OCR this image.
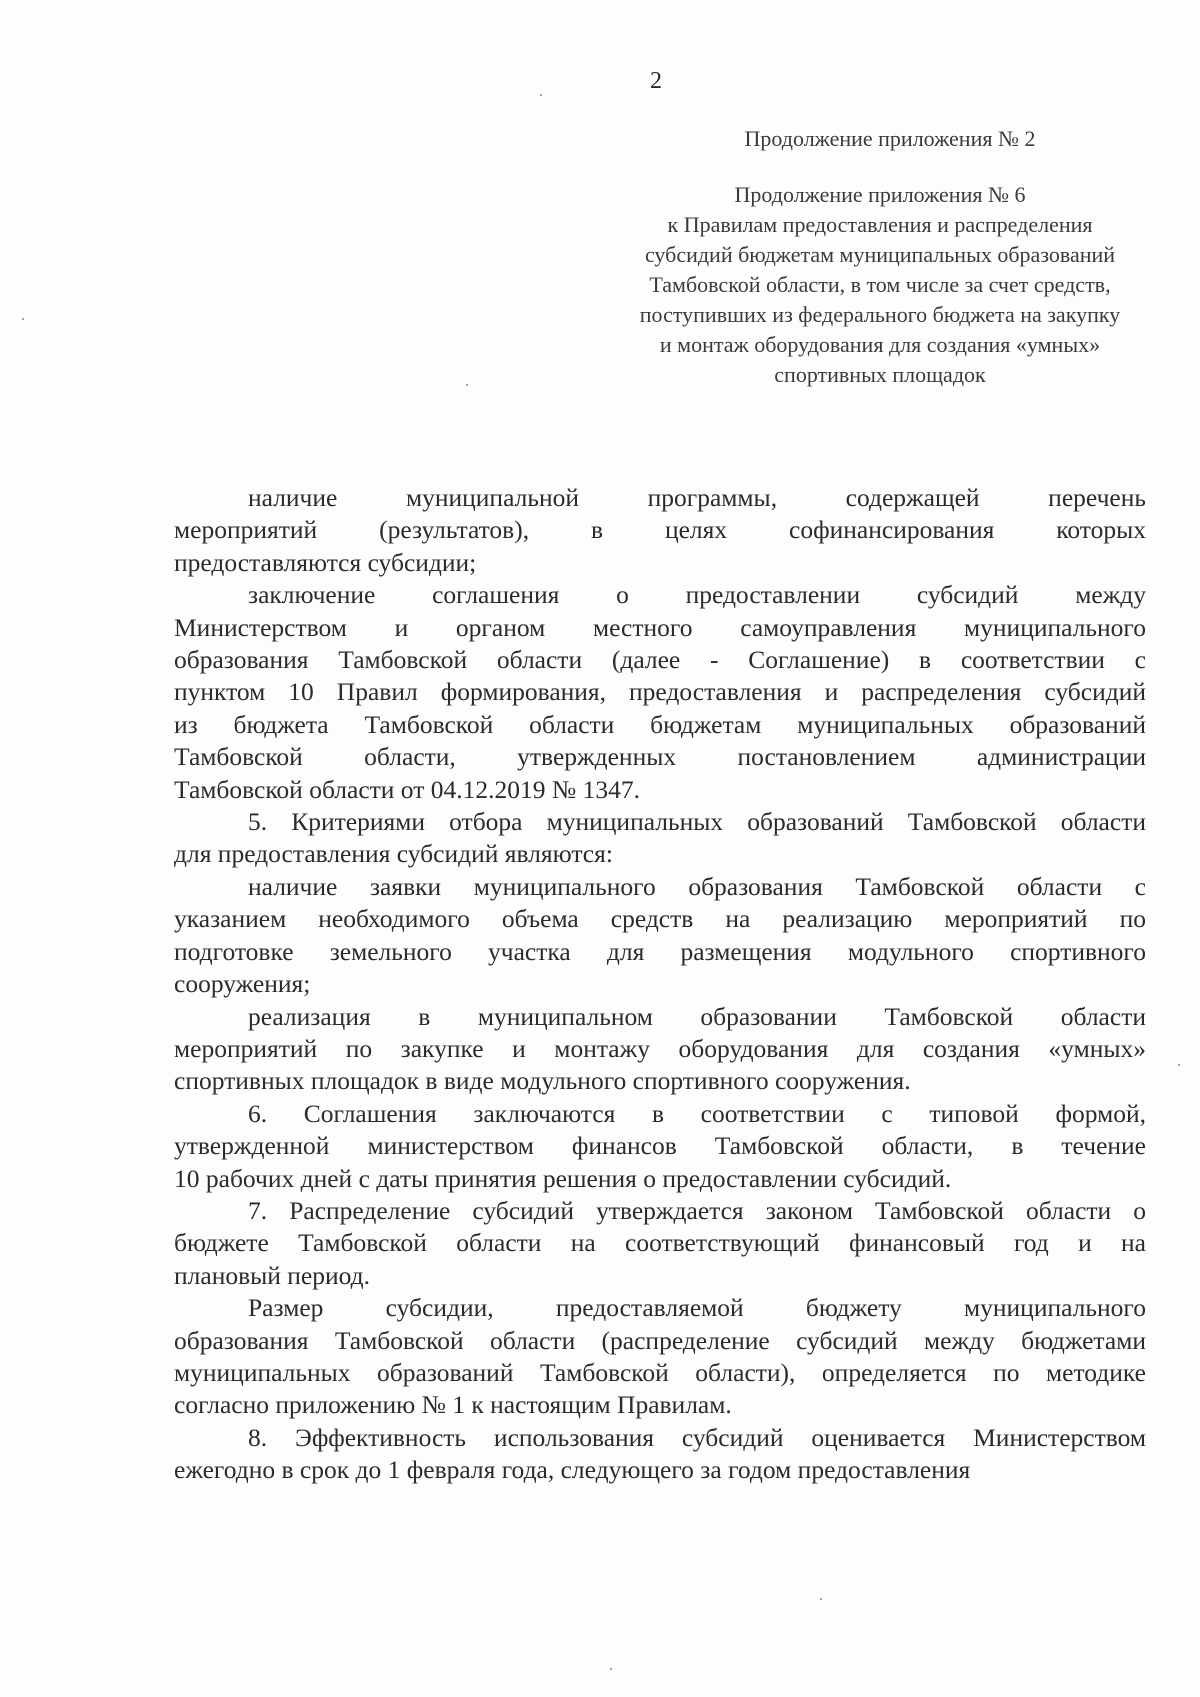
2
Продолжение приложения № 2
Продолжение приложения № 6
к Правилам предоставления и распределения
субсидий бюджетам муниципальных образований
Тамбовской области, в том числе за счет средств,
поступивших из федерального бюджета на закупку
и монтаж оборудования для создания «умных»
спортивных площадок

наличие муниципальной программы, содержащей перечень
мероприятий (результатов), в целях софинансирования которых
предоставляются субсидии;

заключение соглашения о предоставлении субсидий между
Министерством и органом местного самоуправления муниципального
образования Тамбовской области (далее - Соглашение) в соответствии с
пунктом 10 Правил формирования, предоставления и распределения субсидий
из бюджета Тамбовской области бюджетам муниципальных образований
Тамбовской области, утвержденных постановлением администрации
Тамбовской области от 04.12.2019 № 1347.

5. Критериями отбора муниципальных образований Тамбовской области
для предоставления субсидий являются:

наличие заявки муниципального образования Тамбовской области с
указанием необходимого объема средств на реализацию мероприятий по
подготовке земельного участка для размещения модульного спортивного
сооружения;

реализация в муниципальном образовании Тамбовской области
мероприятий по закупке и монтажу оборудования для создания «умных»
спортивных площадок в виде модульного спортивного сооружения.

6. Соглашения заключаются в соответствии с типовой формой,
утвержденной министерством финансов Тамбовской области, в течение
10 рабочих дней с даты принятия решения о предоставлении субсидий.

7. Распределение субсидий утверждается законом Тамбовской области о
бюджете Тамбовской области на соответствующий финансовый год и на
плановый период.

Размер субсидии, предоставляемой бюджету муниципального
образования Тамбовской области (распределение субсидий между бюджетами
муниципальных образований Тамбовской области), определяется по методике
согласно приложению № 1 к настоящим Правилам.

8. Эффективность использования субсидий оценивается Министерством
ежегодно в срок до 1 февраля года, следующего за годом предоставления
